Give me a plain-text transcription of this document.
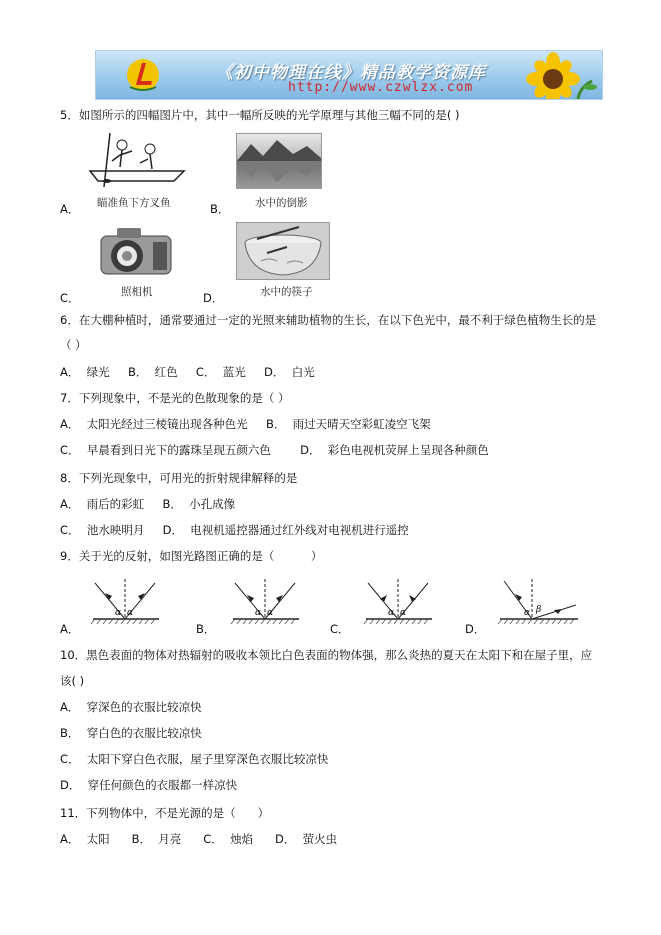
《初中物理在线》精品教学资源库
http://www.czwlzx.com
5．如图所示的四幅图片中，其中一幅所反映的光学原理与其他三幅不同的是( )
瞄准鱼下方叉鱼
A．	水中的倒影
B．
照相机
C．	水中的筷子
D．
6．在大棚种植时，通常要通过一定的光照来辅助植物的生长，在以下色光中，最不利于绿色植物生长的是
（ ）
A．  绿光     B．  红色     C．  蓝光     D．  白光
7．下列现象中，不是光的色散现象的是（ ）
A．  太阳光经过三棱镜出现各种色光     B．  雨过天晴天空彩虹凌空飞架
C．  早晨看到日光下的露珠呈现五颜六色        D．  彩色电视机荧屏上呈现各种颜色
8．下列光现象中，可用光的折射规律解释的是
A．  雨后的彩虹     B．  小孔成像
C．  池水映明月     D．  电视机遥控器通过红外线对电视机进行遥控
9．关于光的反射，如图光路图正确的是（          ）
α α
A．
α α
B．
α α
C．
α β
D．
10．黑色表面的物体对热辐射的吸收本领比白色表面的物体强，那么炎热的夏天在太阳下和在屋子里，应
该( )
A．  穿深色的衣服比较凉快
B．  穿白色的衣服比较凉快
C．  太阳下穿白色衣服，屋子里穿深色衣服比较凉快
D．  穿任何颜色的衣服都一样凉快
11．下列物体中，不是光源的是（      ）
A．  太阳      B．  月亮      C．  烛焰      D．  萤火虫
